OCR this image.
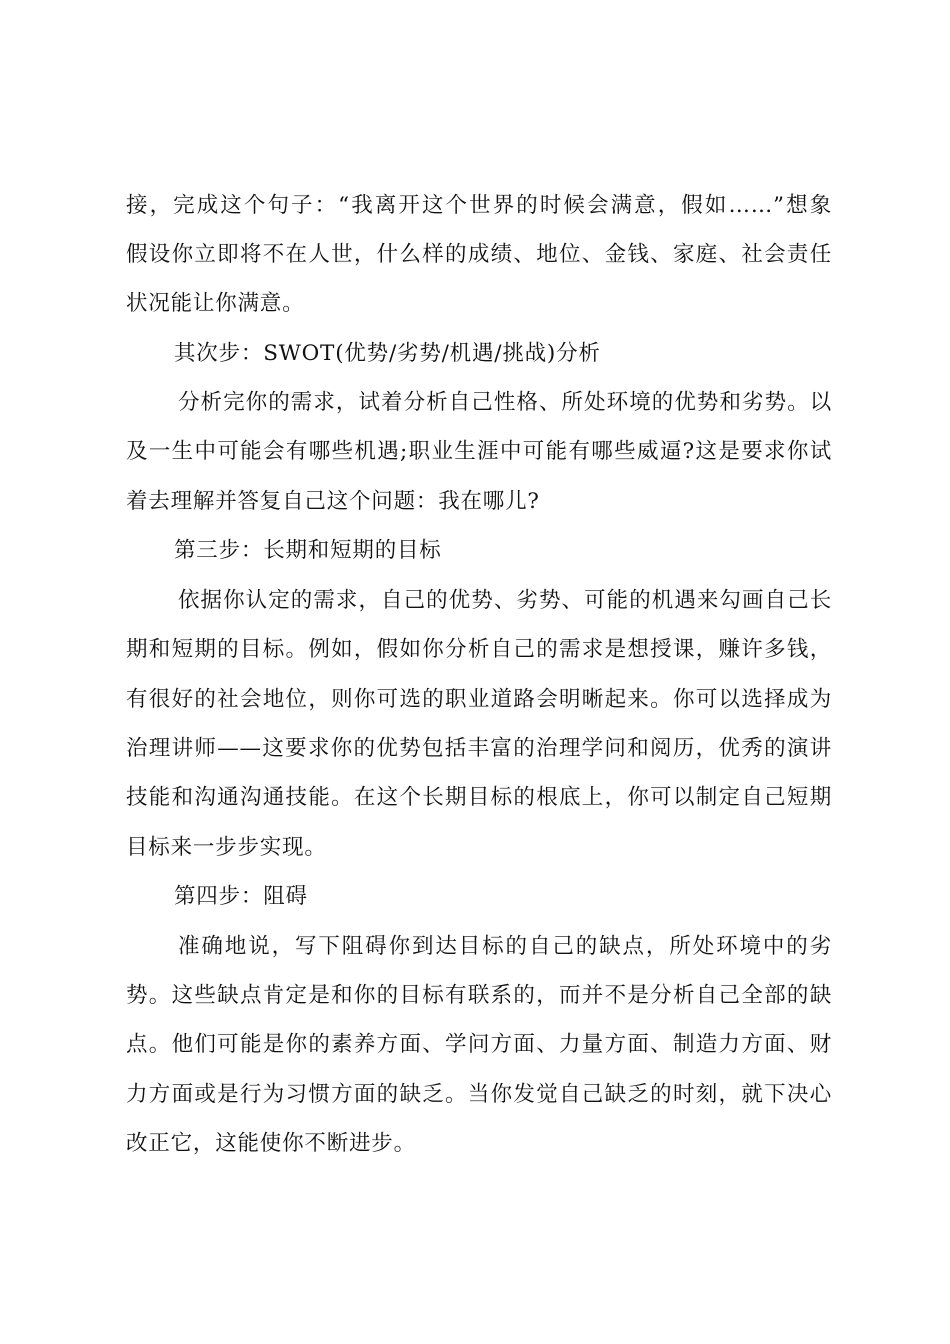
接，完成这个句子：“我离开这个世界的时候会满意，假如……”想象
假设你立即将不在人世，什么样的成绩、地位、金钱、家庭、社会责任
状况能让你满意。
其次步：SWOT(优势/劣势/机遇/挑战)分析
分析完你的需求，试着分析自己性格、所处环境的优势和劣势。以
及一生中可能会有哪些机遇;职业生涯中可能有哪些威逼?这是要求你试
着去理解并答复自己这个问题：我在哪儿?
第三步：长期和短期的目标
依据你认定的需求，自己的优势、劣势、可能的机遇来勾画自己长
期和短期的目标。例如，假如你分析自己的需求是想授课，赚许多钱，
有很好的社会地位，则你可选的职业道路会明晰起来。你可以选择成为
治理讲师——这要求你的优势包括丰富的治理学问和阅历，优秀的演讲
技能和沟通沟通技能。在这个长期目标的根底上，你可以制定自己短期
目标来一步步实现。
第四步：阻碍
准确地说，写下阻碍你到达目标的自己的缺点，所处环境中的劣
势。这些缺点肯定是和你的目标有联系的，而并不是分析自己全部的缺
点。他们可能是你的素养方面、学问方面、力量方面、制造力方面、财
力方面或是行为习惯方面的缺乏。当你发觉自己缺乏的时刻，就下决心
改正它，这能使你不断进步。
